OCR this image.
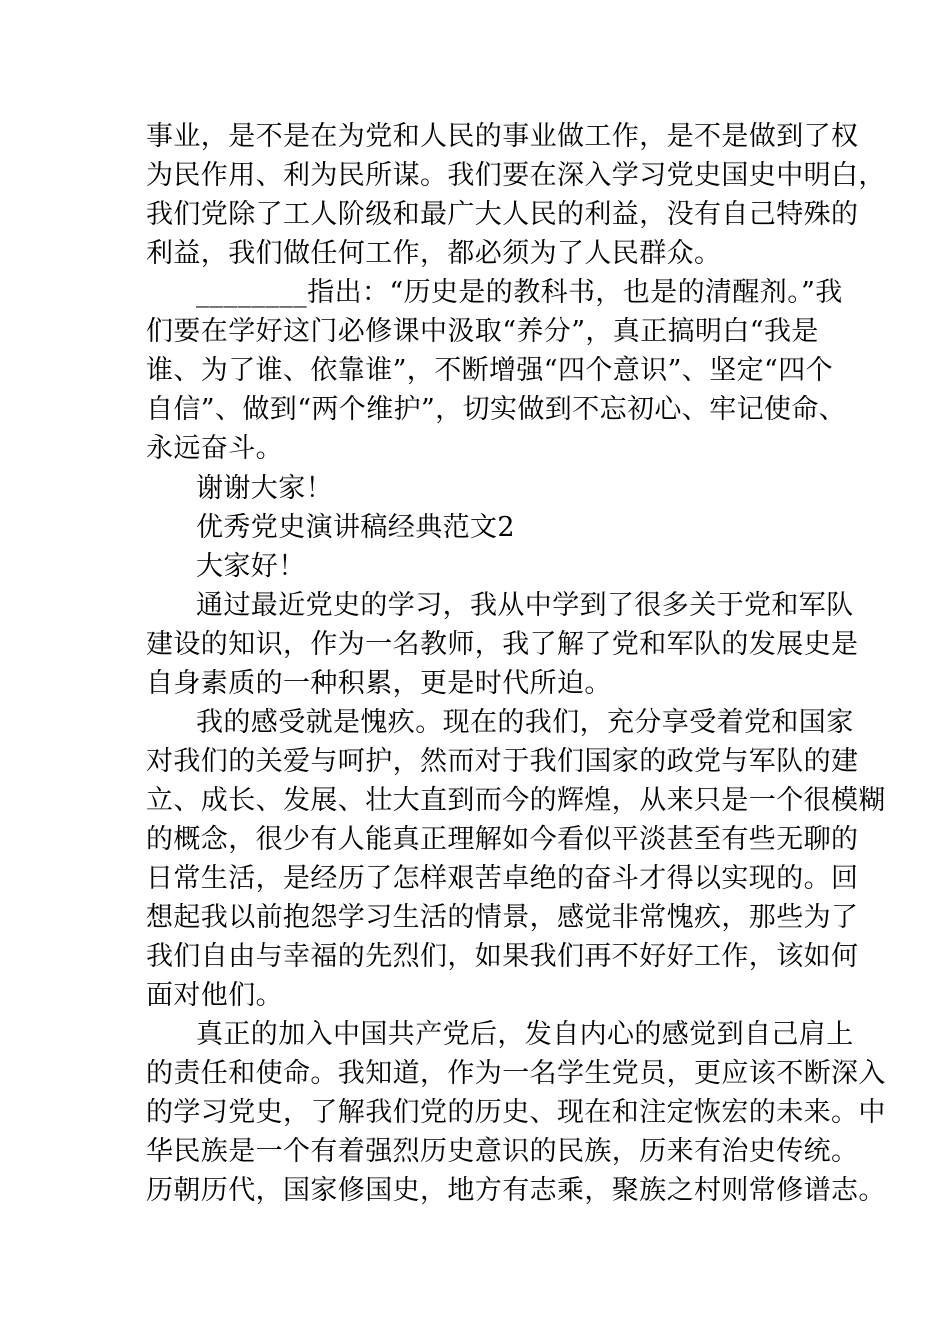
事业，是不是在为党和人民的事业做工作，是不是做到了权
为民作用、利为民所谋。我们要在深入学习党史国史中明白，
我们党除了工人阶级和最广大人民的利益，没有自己特殊的
利益，我们做任何工作，都必须为了人民群众。
________指出：“历史是的教科书，也是的清醒剂。”我
们要在学好这门必修课中汲取“养分”，真正搞明白“我是
谁、为了谁、依靠谁”，不断增强“四个意识”、坚定“四个
自信”、做到“两个维护”，切实做到不忘初心、牢记使命、
永远奋斗。
谢谢大家！
优秀党史演讲稿经典范文2
大家好！
通过最近党史的学习，我从中学到了很多关于党和军队
建设的知识，作为一名教师，我了解了党和军队的发展史是
自身素质的一种积累，更是时代所迫。
我的感受就是愧疚。现在的我们，充分享受着党和国家
对我们的关爱与呵护，然而对于我们国家的政党与军队的建
立、成长、发展、壮大直到而今的辉煌，从来只是一个很模糊
的概念，很少有人能真正理解如今看似平淡甚至有些无聊的
日常生活，是经历了怎样艰苦卓绝的奋斗才得以实现的。回
想起我以前抱怨学习生活的情景，感觉非常愧疚，那些为了
我们自由与幸福的先烈们，如果我们再不好好工作，该如何
面对他们。
真正的加入中国共产党后，发自内心的感觉到自己肩上
的责任和使命。我知道，作为一名学生党员，更应该不断深入
的学习党史，了解我们党的历史、现在和注定恢宏的未来。中
华民族是一个有着强烈历史意识的民族，历来有治史传统。
历朝历代，国家修国史，地方有志乘，聚族之村则常修谱志。
